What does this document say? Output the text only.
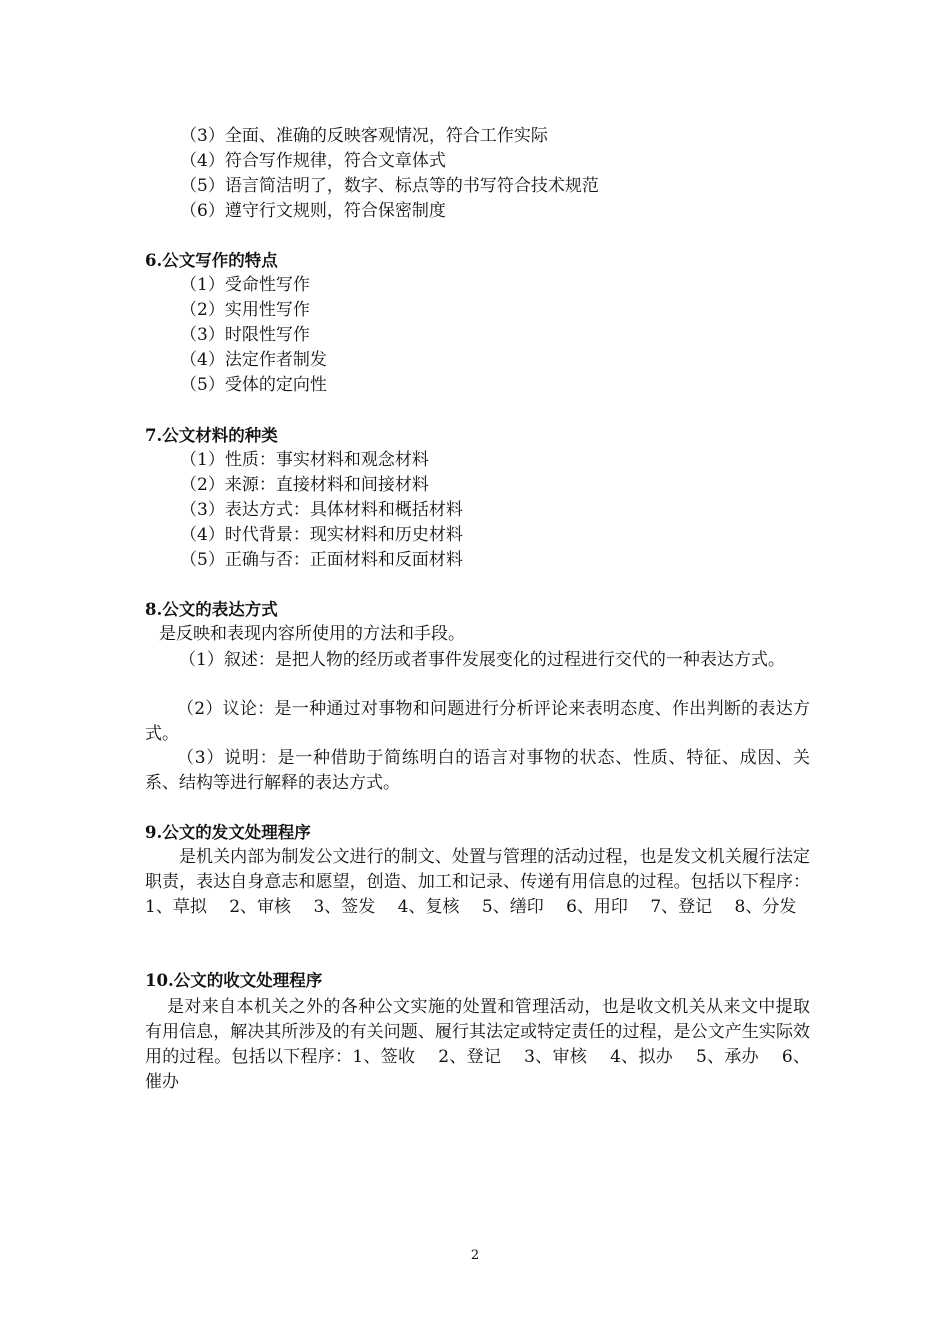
（3）全面、准确的反映客观情况，符合工作实际
（4）符合写作规律，符合文章体式
（5）语言简洁明了，数字、标点等的书写符合技术规范
（6）遵守行文规则，符合保密制度
6.公文写作的特点
（1）受命性写作
（2）实用性写作
（3）时限性写作
（4）法定作者制发
（5）受体的定向性
7.公文材料的种类
（1）性质：事实材料和观念材料
（2）来源：直接材料和间接材料
（3）表达方式：具体材料和概括材料
（4）时代背景：现实材料和历史材料
（5）正确与否：正面材料和反面材料
8.公文的表达方式
是反映和表现内容所使用的方法和手段。
（1）叙述：是把人物的经历或者事件发展变化的过程进行交代的一种表达方式。
（2）议论：是一种通过对事物和问题进行分析评论来表明态度、作出判断的表达方式。
（3）说明：是一种借助于简练明白的语言对事物的状态、性质、特征、成因、关系、结构等进行解释的表达方式。
9.公文的发文处理程序
是机关内部为制发公文进行的制文、处置与管理的活动过程，也是发文机关履行法定职责，表达自身意志和愿望，创造、加工和记录、传递有用信息的过程。包括以下程序：1、草拟　 2、审核　 3、签发　 4、复核　 5、缮印　 6、用印　 7、登记　 8、分发
10.公文的收文处理程序
是对来自本机关之外的各种公文实施的处置和管理活动，也是收文机关从来文中提取有用信息，解决其所涉及的有关问题、履行其法定或特定责任的过程，是公文产生实际效用的过程。包括以下程序：1、签收　 2、登记　 3、审核　 4、拟办　 5、承办　 6、催办
2
